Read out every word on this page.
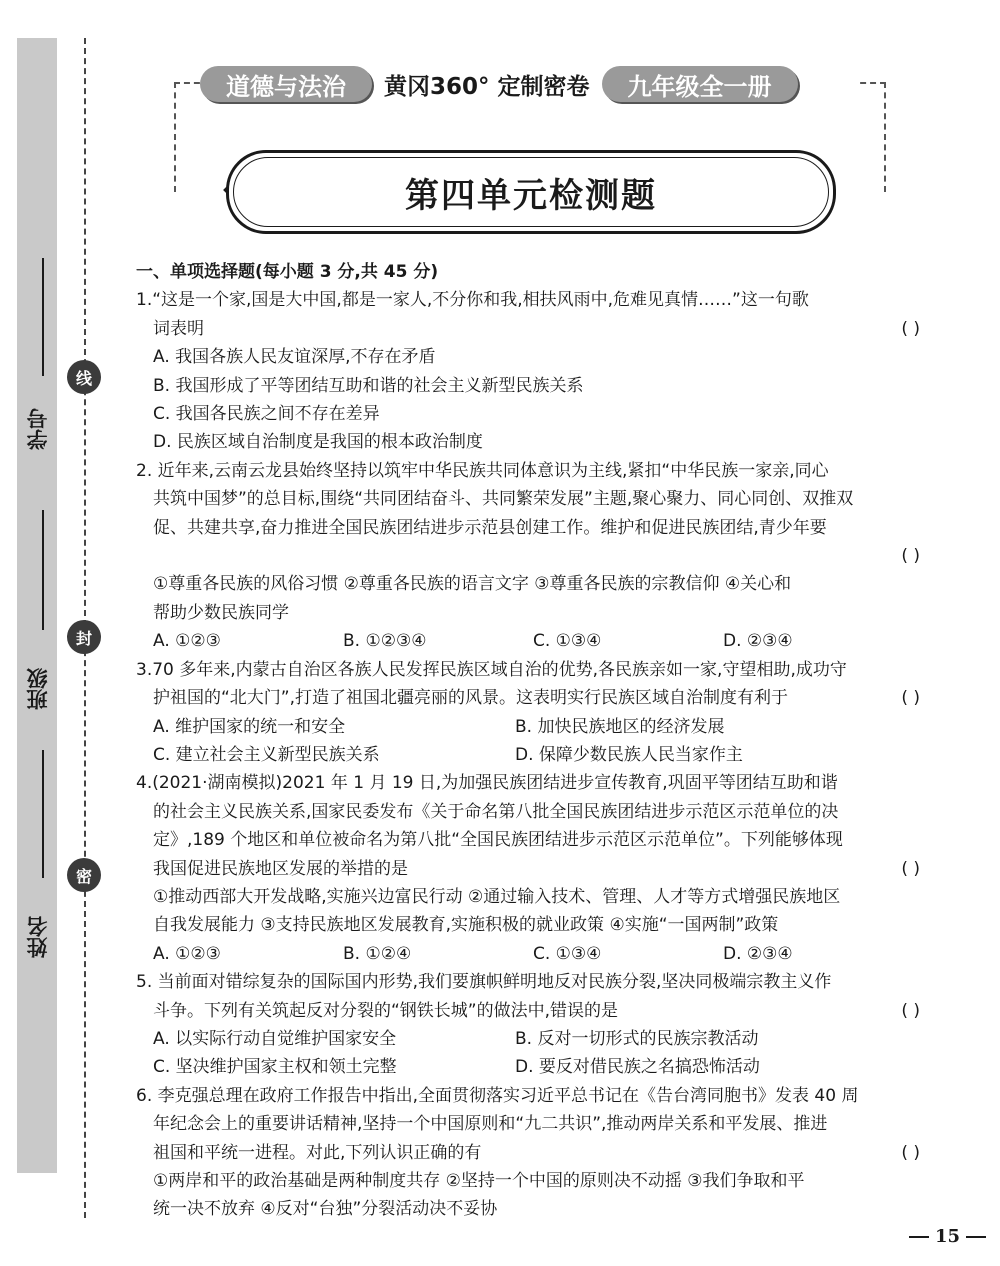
学号
班级
姓名
线
封
密
道德与法治	黄冈360° 定制密卷	九年级全一册
第四单元检测题
一、单项选择题(每小题 3 分,共 45 分)
1.“这是一个家,国是大中国,都是一家人,不分你和我,相扶风雨中,危难见真情……”这一句歌
词表明	( )
A. 我国各族人民友谊深厚,不存在矛盾
B. 我国形成了平等团结互助和谐的社会主义新型民族关系
C. 我国各民族之间不存在差异
D. 民族区域自治制度是我国的根本政治制度
2. 近年来,云南云龙县始终坚持以筑牢中华民族共同体意识为主线,紧扣“中华民族一家亲,同心
共筑中国梦”的总目标,围绕“共同团结奋斗、共同繁荣发展”主题,聚心聚力、同心同创、双推双
促、共建共享,奋力推进全国民族团结进步示范县创建工作。维护和促进民族团结,青少年要
( )
①尊重各民族的风俗习惯 ②尊重各民族的语言文字 ③尊重各民族的宗教信仰 ④关心和
帮助少数民族同学
A. ①②③	B. ①②③④	C. ①③④	D. ②③④
3.70 多年来,内蒙古自治区各族人民发挥民族区域自治的优势,各民族亲如一家,守望相助,成功守
护祖国的“北大门”,打造了祖国北疆亮丽的风景。这表明实行民族区域自治制度有利于	( )
A. 维护国家的统一和安全	B. 加快民族地区的经济发展
C. 建立社会主义新型民族关系	D. 保障少数民族人民当家作主
4.(2021·湖南模拟)2021 年 1 月 19 日,为加强民族团结进步宣传教育,巩固平等团结互助和谐
的社会主义民族关系,国家民委发布《关于命名第八批全国民族团结进步示范区示范单位的决
定》,189 个地区和单位被命名为第八批“全国民族团结进步示范区示范单位”。下列能够体现
我国促进民族地区发展的举措的是	( )
①推动西部大开发战略,实施兴边富民行动 ②通过输入技术、管理、人才等方式增强民族地区
自我发展能力 ③支持民族地区发展教育,实施积极的就业政策 ④实施“一国两制”政策
A. ①②③	B. ①②④	C. ①③④	D. ②③④
5. 当前面对错综复杂的国际国内形势,我们要旗帜鲜明地反对民族分裂,坚决同极端宗教主义作
斗争。下列有关筑起反对分裂的“钢铁长城”的做法中,错误的是	( )
A. 以实际行动自觉维护国家安全	B. 反对一切形式的民族宗教活动
C. 坚决维护国家主权和领土完整	D. 要反对借民族之名搞恐怖活动
6. 李克强总理在政府工作报告中指出,全面贯彻落实习近平总书记在《告台湾同胞书》发表 40 周
年纪念会上的重要讲话精神,坚持一个中国原则和“九二共识”,推动两岸关系和平发展、推进
祖国和平统一进程。对此,下列认识正确的有	( )
①两岸和平的政治基础是两种制度共存 ②坚持一个中国的原则决不动摇 ③我们争取和平
统一决不放弃 ④反对“台独”分裂活动决不妥协
15
